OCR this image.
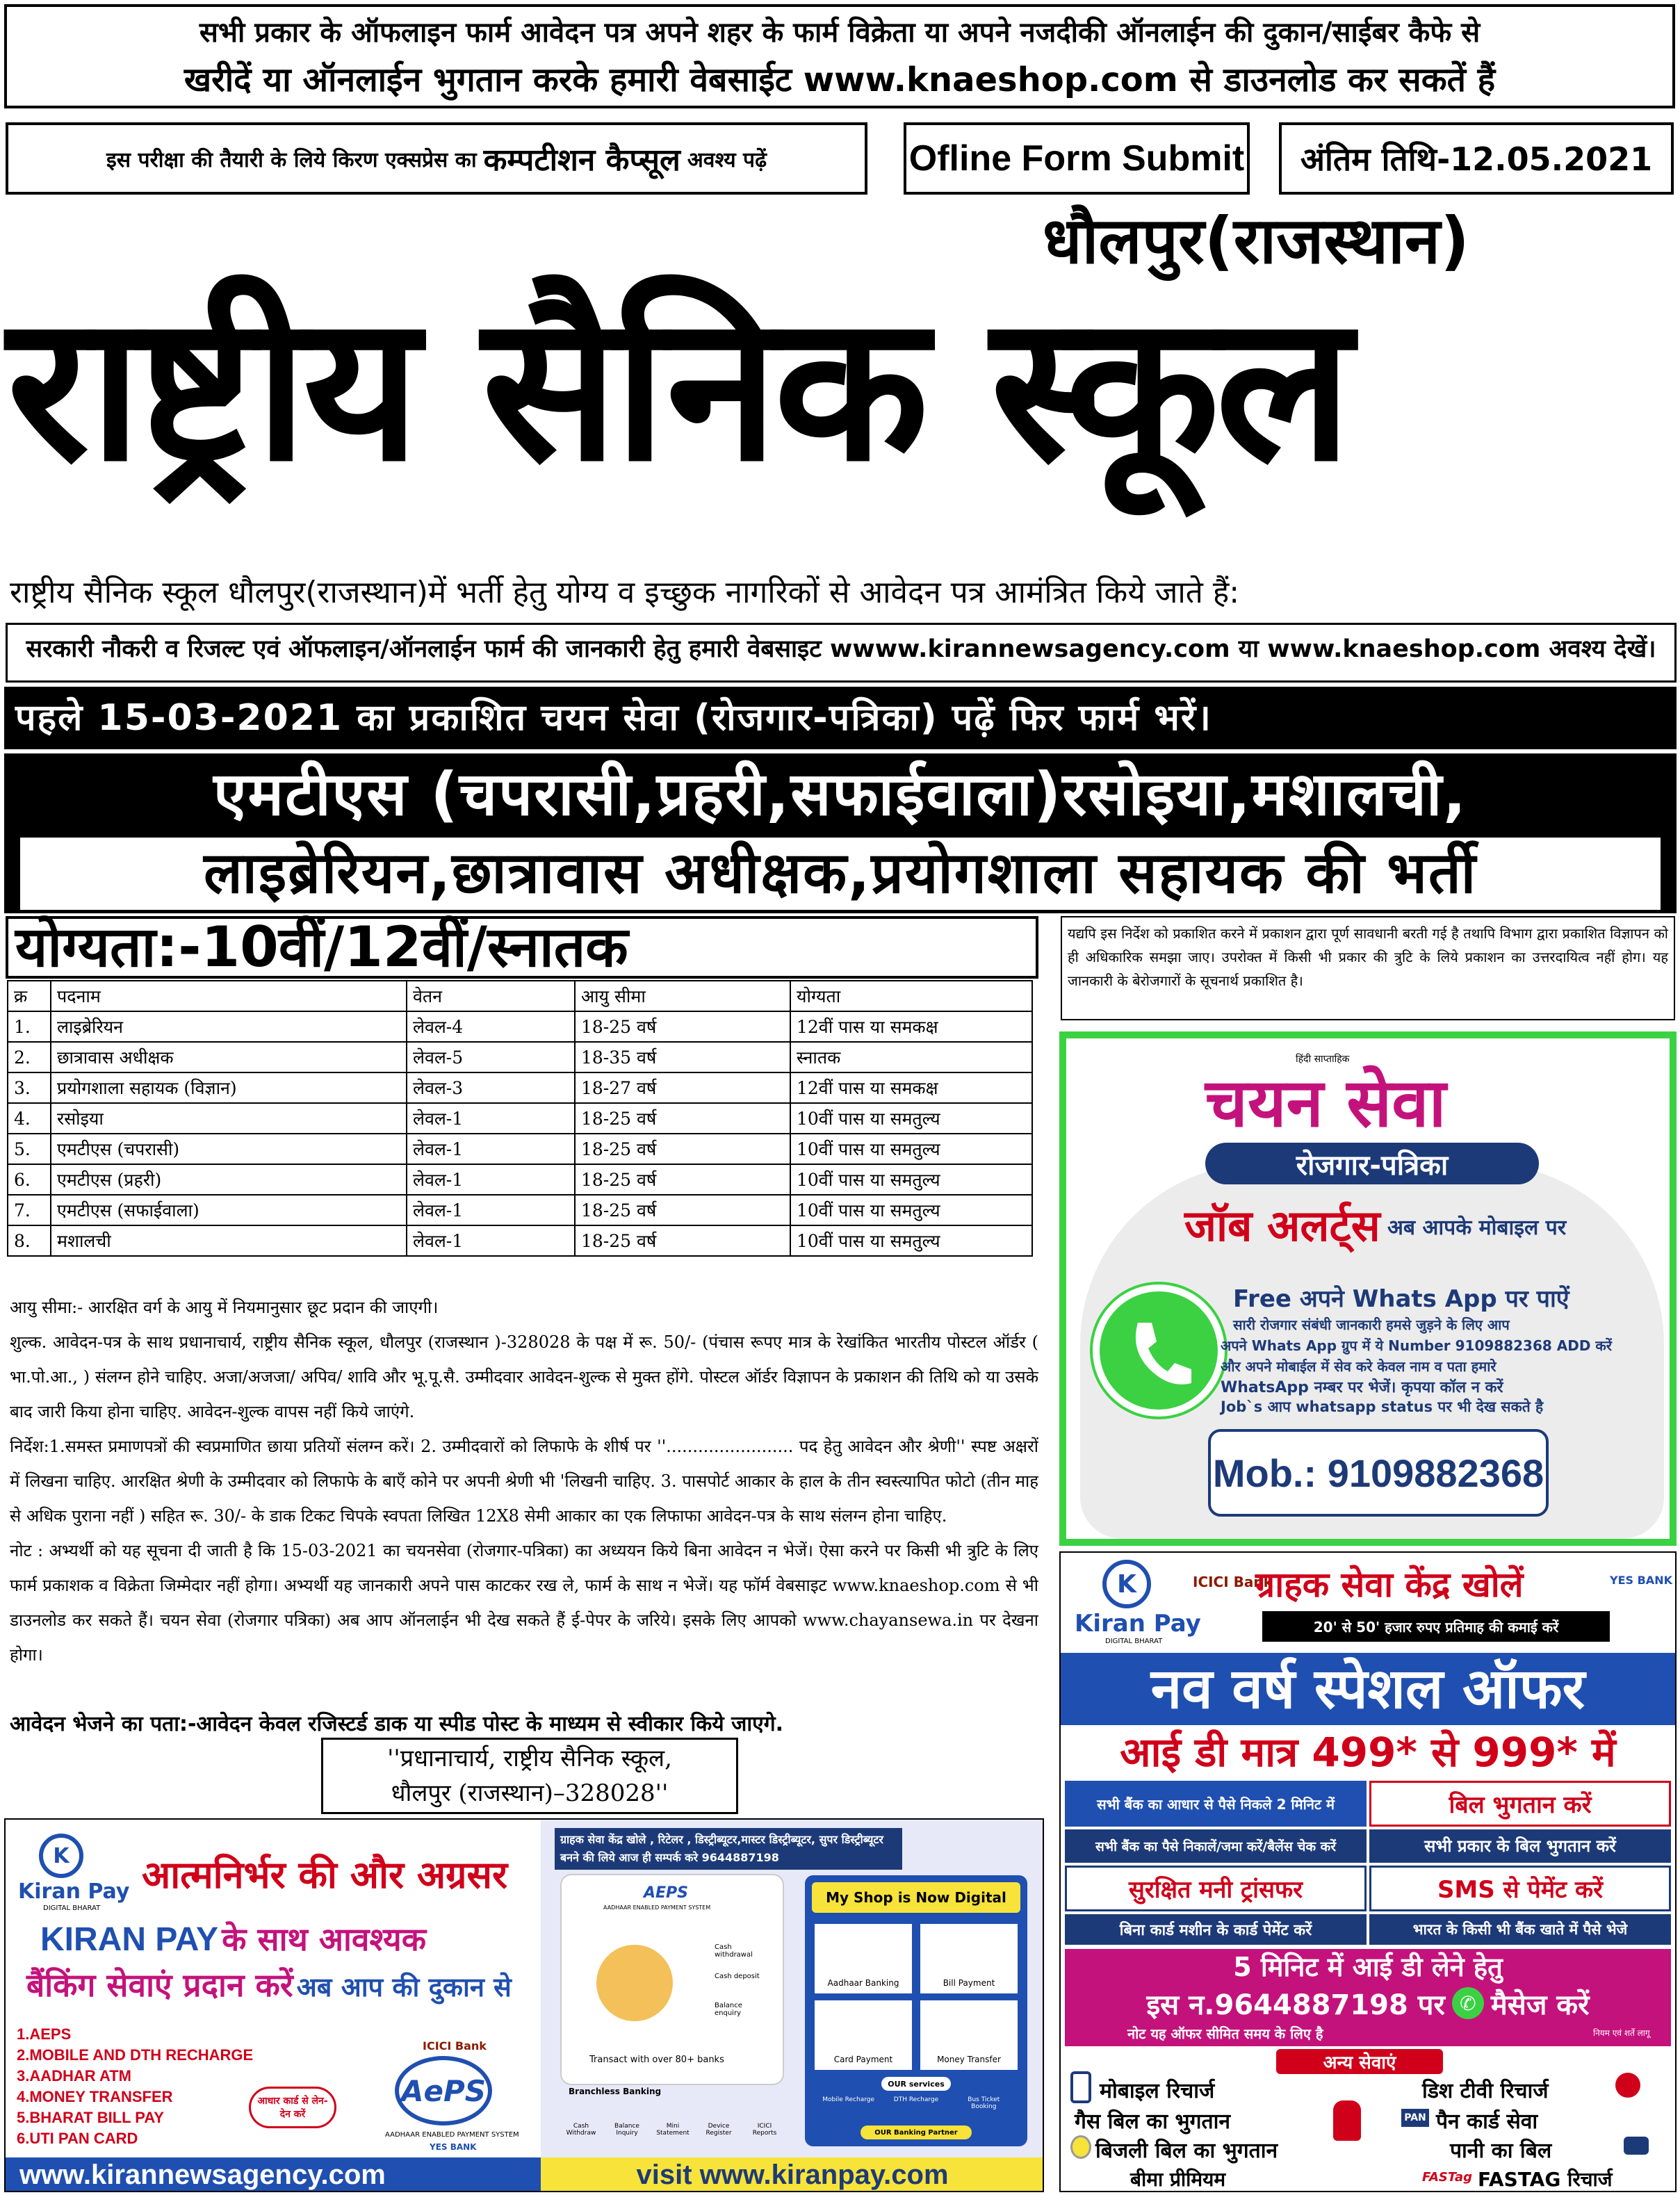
सभी प्रकार के ऑफलाइन फार्म आवेदन पत्र अपने शहर के फार्म विक्रेता या अपने नजदीकी ऑनलाईन की दुकान/साईबर कैफे से
खरीदें या ऑनलाईन भुगतान करके हमारी वेबसाईट www.knaeshop.com से डाउनलोड कर सकतें हैं
इस परीक्षा की तैयारी के लिये किरण एक्सप्रेस का कम्पटीशन कैप्सूल अवश्य पढ़ें	Ofline Form Submit	अंतिम तिथि-12.05.2021
धौलपुर(राजस्थान)
राष्ट्रीय सैनिक स्कूल
राष्ट्रीय सैनिक स्कूल धौलपुर(राजस्थान)में भर्ती हेतु योग्य व इच्छुक नागरिकों से आवेदन पत्र आमंत्रित किये जाते हैं:
सरकारी नौकरी व रिजल्ट एवं ऑफलाइन/ऑनलाईन फार्म की जानकारी हेतु हमारी वेबसाइट wwww.kirannewsagency.com या www.knaeshop.com अवश्य देखें।
पहले 15-03-2021 का प्रकाशित चयन सेवा (रोजगार-पत्रिका) पढ़ें फिर फार्म भरें।
एमटीएस (चपरासी,प्रहरी,सफाईवाला)रसोइया,मशालची,
लाइब्रेरियन,छात्रावास अधीक्षक,प्रयोगशाला सहायक की भर्ती
योग्यता:-10वीं/12वीं/स्नातक
क्र	पदनाम	वेतन	आयु सीमा	योग्यता
1.	लाइब्रेरियन	लेवल-4	18-25 वर्ष	12वीं पास या समकक्ष
2.	छात्रावास अधीक्षक	लेवल-5	18-35 वर्ष	स्नातक
3.	प्रयोगशाला सहायक (विज्ञान)	लेवल-3	18-27 वर्ष	12वीं पास या समकक्ष
4.	रसोइया	लेवल-1	18-25 वर्ष	10वीं पास या समतुल्य
5.	एमटीएस (चपरासी)	लेवल-1	18-25 वर्ष	10वीं पास या समतुल्य
6.	एमटीएस (प्रहरी)	लेवल-1	18-25 वर्ष	10वीं पास या समतुल्य
7.	एमटीएस (सफाईवाला)	लेवल-1	18-25 वर्ष	10वीं पास या समतुल्य
8.	मशालची	लेवल-1	18-25 वर्ष	10वीं पास या समतुल्य
आयु सीमा:- आरक्षित वर्ग के आयु में नियमानुसार छूट प्रदान की जाएगी।
शुल्क. आवेदन-पत्र के साथ प्रधानाचार्य, राष्ट्रीय सैनिक स्कूल, धौलपुर (राजस्थान )-328028 के पक्ष में रू. 50/- (पंचास रूपए मात्र के रेखांकित भारतीय पोस्टल ऑर्डर ( भा.पो.आ., ) संलग्न होने चाहिए. अजा/अजजा/ अपिव/ शावि और भू.पू.सै. उम्मीदवार आवेदन-शुल्क से मुक्त होंगे. पोस्टल ऑर्डर विज्ञापन के प्रकाशन की तिथि को या उसके बाद जारी किया होना चाहिए. आवेदन-शुल्क वापस नहीं किये जाएंगे.
निर्देश:1.समस्त प्रमाणपत्रों की स्वप्रमाणित छाया प्रतियों संलग्न करें। 2. उम्मीदवारों को लिफाफे के शीर्ष पर ''........................ पद हेतु आवेदन और श्रेणी'' स्पष्ट अक्षरों में लिखना चाहिए. आरक्षित श्रेणी के उम्मीदवार को लिफाफे के बाएँ कोने पर अपनी श्रेणी भी 'लिखनी चाहिए. 3. पासपोर्ट आकार के हाल के तीन स्वस्त्यापित फोटो (तीन माह से अधिक पुराना नहीं ) सहित रू. 30/- के डाक टिकट चिपके स्वपता लिखित 12X8 सेमी आकार का एक लिफाफा आवेदन-पत्र के साथ संलग्न होना चाहिए.
नोट : अभ्यर्थी को यह सूचना दी जाती है कि 15-03-2021 का चयनसेवा (रोजगार-पत्रिका) का अध्ययन किये बिना आवेदन न भेजें। ऐसा करने पर किसी भी त्रुटि के लिए फार्म प्रकाशक व विक्रेता जिम्मेदार नहीं होगा। अभ्यर्थी यह जानकारी अपने पास काटकर रख ले, फार्म के साथ न भेजें। यह फॉर्म वेबसाइट www.knaeshop.com से भी डाउनलोड कर सकते हैं। चयन सेवा (रोजगार पत्रिका) अब आप ऑनलाईन भी देख सकते हैं ई-पेपर के जरिये। इसके लिए आपको www.chayansewa.in पर देखना होगा।
आवेदन भेजने का पता:-आवेदन केवल रजिस्टर्ड डाक या स्पीड पोस्ट के माध्यम से स्वीकार किये जाएगे.
''प्रधानाचार्य, राष्ट्रीय सैनिक स्कूल,
धौलपुर (राजस्थान)–328028''
यद्यपि इस निर्देश को प्रकाशित करने में प्रकाशन द्वारा पूर्ण सावधानी बरती गई है तथापि विभाग द्वारा प्रकाशित विज्ञापन को ही अधिकारिक समझा जाए। उपरोक्त में किसी भी प्रकार की त्रुटि के लिये प्रकाशन का उत्तरदायित्व नहीं होग। यह जानकारी के बेरोजगारों के सूचनार्थ प्रकाशित है।
हिंदी साप्ताहिक
चयन सेवा
रोजगार-पत्रिका
जॉब अलर्ट्स अब आपके मोबाइल पर
Free अपने Whats App पर पाऐं
सारी रोजगार संबंधी जानकारी हमसे जुड़ने के लिए आप
अपने Whats App ग्रुप में ये Number 9109882368 ADD करें
और अपने मोबाईल में सेव करे केवल नाम व पता हमारे
WhatsApp नम्बर पर भेजें। कृपया कॉल न करें
Job`s आप whatsapp status पर भी देख सकते है
Mob.: 9109882368
K
Kiran Pay
DIGITAL BHARAT
ICICI Bank	YES BANK
ग्राहक सेवा केंद्र खोलें
20' से 50' हजार रुपए प्रतिमाह की कमाई करें
नव वर्ष स्पेशल ऑफर
आई डी मात्र 499* से 999* में
सभी बैंक का आधार से पैसे निकले 2 मिनिट में	बिल भुगतान करें
सभी बैंक का पैसे निकालें/जमा करें/बैलेंस चेक करें	सभी प्रकार के बिल भुगतान करें
सुरक्षित मनी ट्रांसफर	SMS से पेमेंट करें
बिना कार्ड मशीन के कार्ड पेमेंट करें	भारत के किसी भी बैंक खाते में पैसे भेजे
5 मिनिट में आई डी लेने हेतु
इस न.9644887198 पर ✆ मैसेज करें
नोट यह ऑफर सीमित समय के लिए है	नियम एवं शर्ते लागू
अन्य सेवाएं
मोबाइल रिचार्ज	डिश टीवी रिचार्ज
गैस बिल का भुगतान	PAN पैन कार्ड सेवा
बिजली बिल का भुगतान	पानी का बिल
बीमा प्रीमियम	FASTag FASTAG रिचार्ज
K
Kiran Pay
DIGITAL BHARAT
आत्मनिर्भर की और अग्रसर
KIRAN PAY के साथ आवश्यक
बैंकिंग सेवाएं प्रदान करें अब आप की दुकान से
1.AEPS
2.MOBILE AND DTH RECHARGE
3.AADHAR ATM
4.MONEY TRANSFER
5.BHARAT BILL PAY
6.UTI PAN CARD
आधार कार्ड से लेन-देन करें
ICICI Bank
AePS
AADHAAR ENABLED PAYMENT SYSTEM
YES BANK
ग्राहक सेवा केंद्र खोले , रिटेलर , डिस्ट्रीब्यूटर,मास्टर डिस्ट्रीब्यूटर, सुपर डिस्ट्रीब्यूटर बनने की लिये आज ही सम्पर्क करे 9644887198
AEPS
AADHAAR ENABLED PAYMENT SYSTEM
Cash withdrawal
Cash deposit
Balance enquiry
Transact with over 80+ banks
Branchless Banking
Cash Withdraw
Balance Inquiry
Mini Statement
Device Register
ICICI Reports
My Shop is Now Digital
Aadhaar Banking	Bill Payment
Card Payment	Money Transfer
OUR services
Mobile Recharge	DTH Recharge	Bus Ticket Booking
OUR Banking Partner
www.kirannewsagency.com	visit www.kiranpay.com
